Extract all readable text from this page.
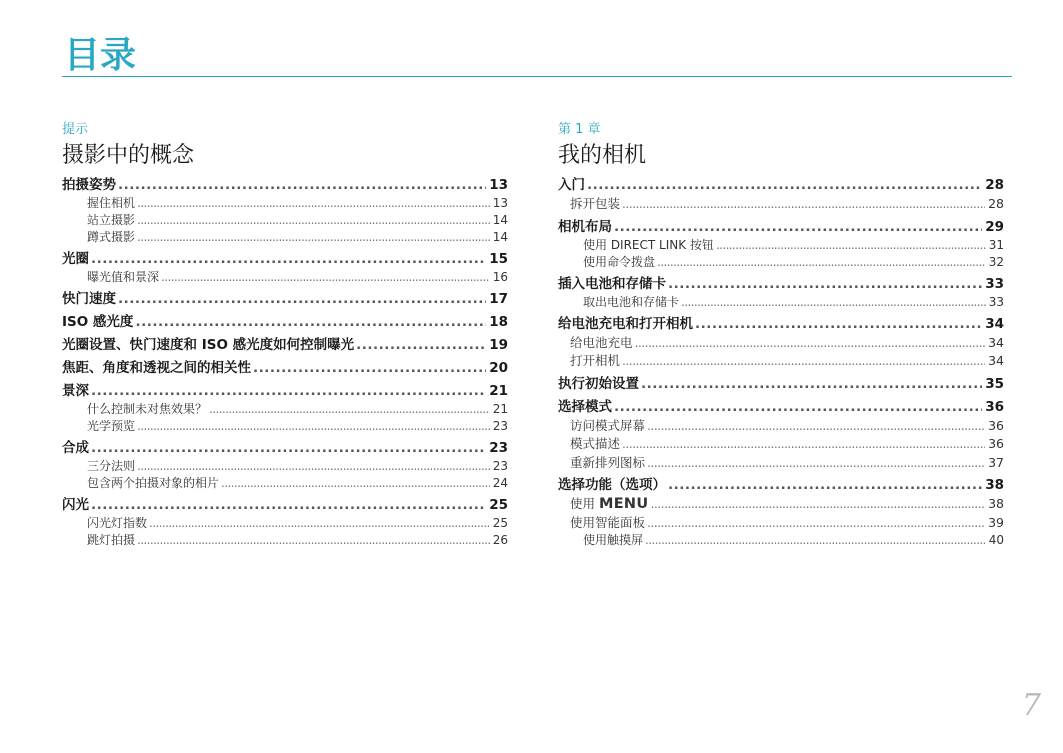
目录
提示
摄影中的概念
拍摄姿势 .....	13
握住相机 .....	13
站立摄影 .....	14
蹲式摄影 .....	14
光圈 .....	15
曝光值和景深 .....	16
快门速度 .....	17
ISO 感光度 .....	18
光圈设置、快门速度和 ISO 感光度如何控制曝光 .....	19
焦距、角度和透视之间的相关性 .....	20
景深 .....	21
什么控制未对焦效果？ .....	21
光学预览 .....	23
合成 .....	23
三分法则 .....	23
包含两个拍摄对象的相片 .....	24
闪光 .....	25
闪光灯指数 .....	25
跳灯拍摄 .....	26
第 1 章
我的相机
入门 .....	28
拆开包装 .....	28
相机布局 .....	29
使用 DIRECT LINK 按钮 .....	31
使用命令拨盘 .....	32
插入电池和存储卡 .....	33
取出电池和存储卡 .....	33
给电池充电和打开相机 .....	34
给电池充电 .....	34
打开相机 .....	34
执行初始设置 .....	35
选择模式 .....	36
访问模式屏幕 .....	36
模式描述 .....	36
重新排列图标 .....	37
选择功能（选项） .....	38
使用 MENU .....	38
使用智能面板 .....	39
使用触摸屏 .....	40
7
